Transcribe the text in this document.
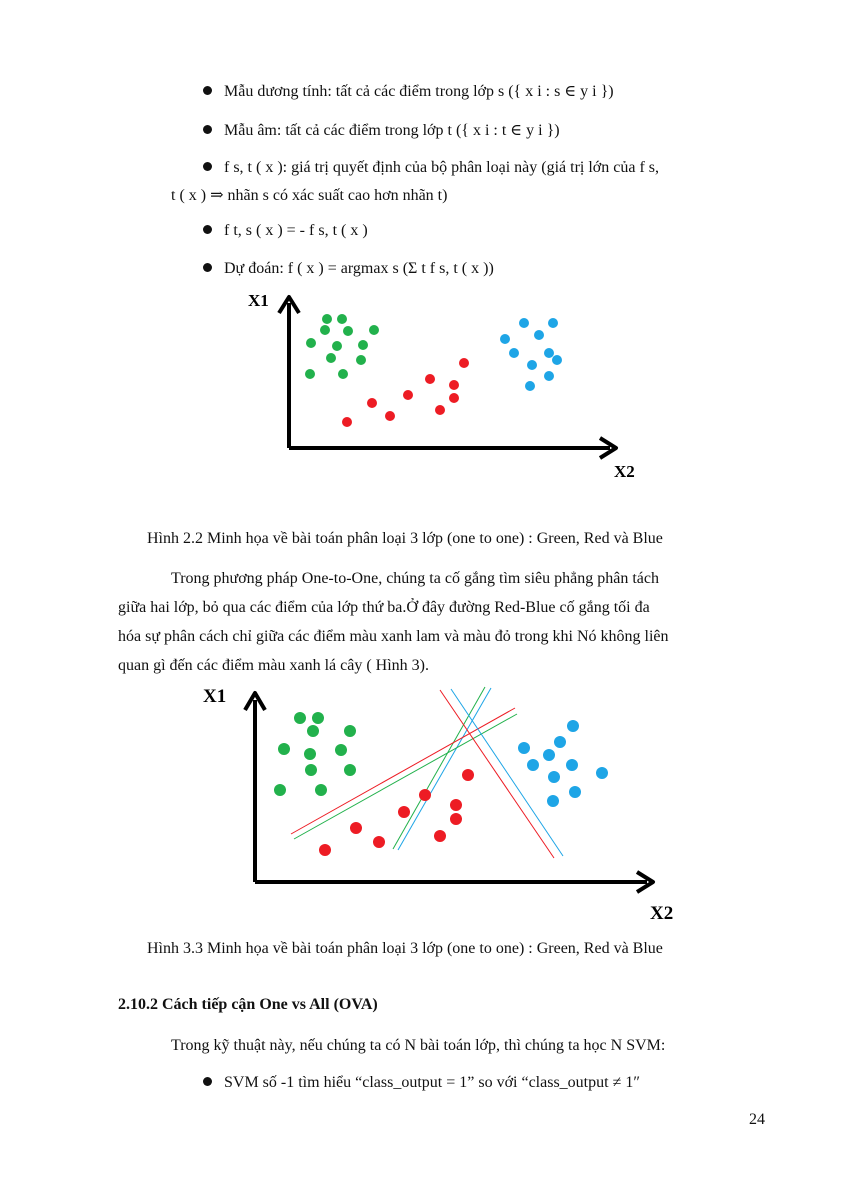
Mẫu dương tính: tất cả các điểm trong lớp s ({ x i : s ∈ y i })
Mẫu âm: tất cả các điểm trong lớp t ({ x i : t ∈ y i })
f s, t ( x ): giá trị quyết định của bộ phân loại này (giá trị lớn của f s,
t ( x ) ⇒ nhãn s có xác suất cao hơn nhãn t)
f t, s ( x ) = - f s, t ( x )
Dự đoán: f ( x ) = argmax s (Σ t f s, t ( x ))
X1
X2
Hình 2.2 Minh họa về bài toán phân loại 3 lớp (one to one) : Green, Red và Blue
Trong phương pháp One-to-One, chúng ta cố gắng tìm siêu phẳng phân tách
giữa hai lớp, bỏ qua các điểm của lớp thứ ba.Ở đây đường Red-Blue cố gắng tối đa
hóa sự phân cách chỉ giữa các điểm màu xanh lam và màu đỏ trong khi Nó không liên
quan gì đến các điểm màu xanh lá cây ( Hình 3).
X1
X2
Hình 3.3 Minh họa về bài toán phân loại 3 lớp (one to one) : Green, Red và Blue
2.10.2 Cách tiếp cận One vs All (OVA)
Trong kỹ thuật này, nếu chúng ta có N bài toán lớp, thì chúng ta học N SVM:
SVM số -1 tìm hiểu “class_output = 1” so với “class_output ≠ 1″
24
